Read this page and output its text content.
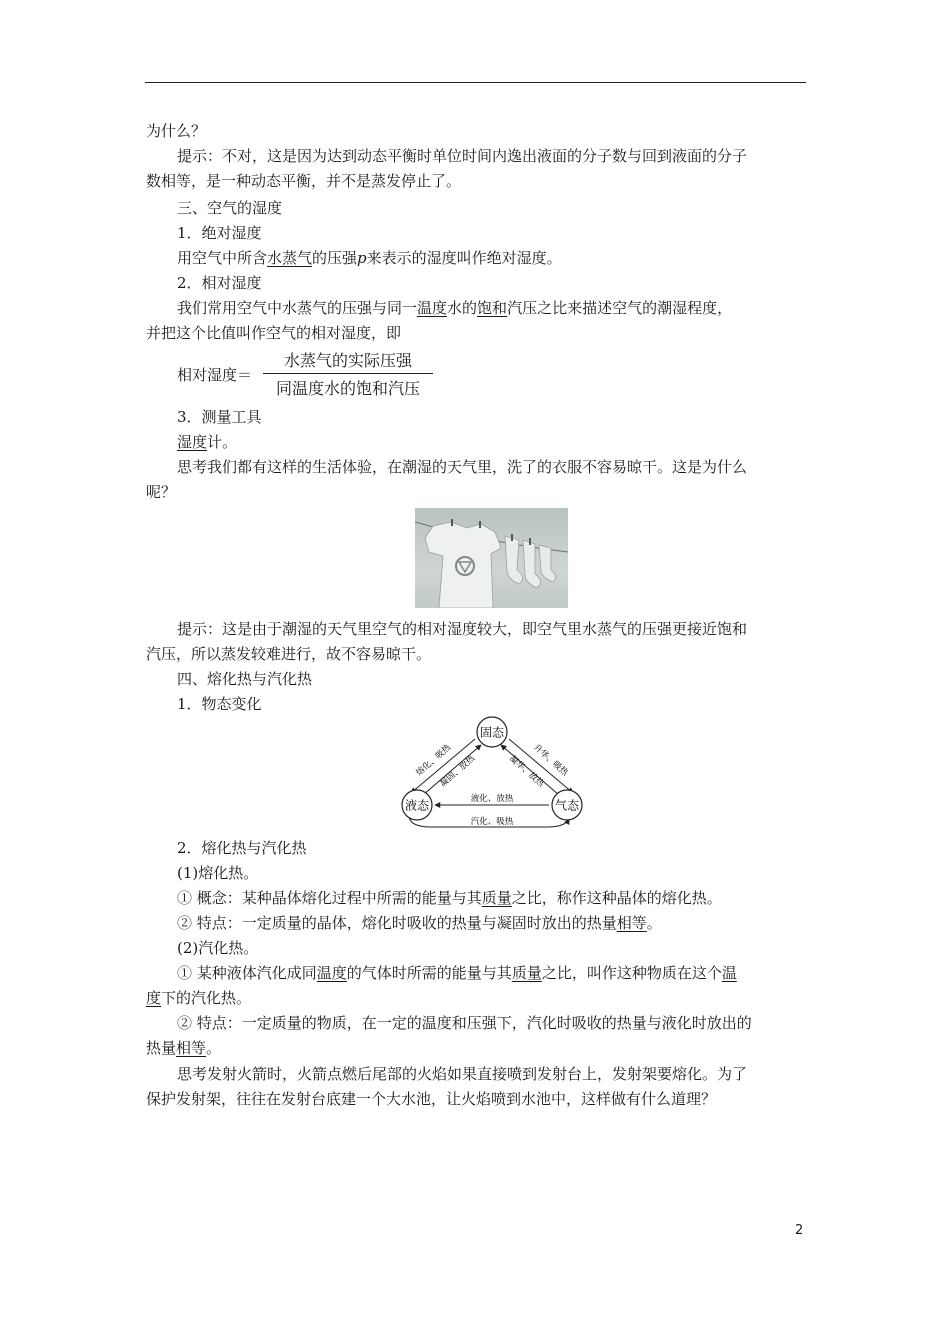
为什么？
提示：不对，这是因为达到动态平衡时单位时间内逸出液面的分子数与回到液面的分子
数相等，是一种动态平衡，并不是蒸发停止了。
三、空气的湿度
1．绝对湿度
用空气中所含水蒸气的压强p来表示的湿度叫作绝对湿度。
2．相对湿度
我们常用空气中水蒸气的压强与同一温度水的饱和汽压之比来描述空气的潮湿程度，
并把这个比值叫作空气的相对湿度，即
相对湿度＝
水蒸气的实际压强
同温度水的饱和汽压
3．测量工具
湿度计。
思考我们都有这样的生活体验，在潮湿的天气里，洗了的衣服不容易晾干。这是为什么
呢？
提示：这是由于潮湿的天气里空气的相对湿度较大，即空气里水蒸气的压强更接近饱和
汽压，所以蒸发较难进行，故不容易晾干。
四、熔化热与汽化热
1．物态变化
固态
液态	气态
熔化、吸热
凝固、放热	升华、吸热
凝华、放热
液化、放热
汽化、吸热
2．熔化热与汽化热
(1)熔化热。
① 概念：某种晶体熔化过程中所需的能量与其质量之比，称作这种晶体的熔化热。
② 特点：一定质量的晶体，熔化时吸收的热量与凝固时放出的热量相等。
(2)汽化热。
① 某种液体汽化成同温度的气体时所需的能量与其质量之比，叫作这种物质在这个温
度下的汽化热。
② 特点：一定质量的物质，在一定的温度和压强下，汽化时吸收的热量与液化时放出的
热量相等。
思考发射火箭时，火箭点燃后尾部的火焰如果直接喷到发射台上，发射架要熔化。为了
保护发射架，往往在发射台底建一个大水池，让火焰喷到水池中，这样做有什么道理？
2
